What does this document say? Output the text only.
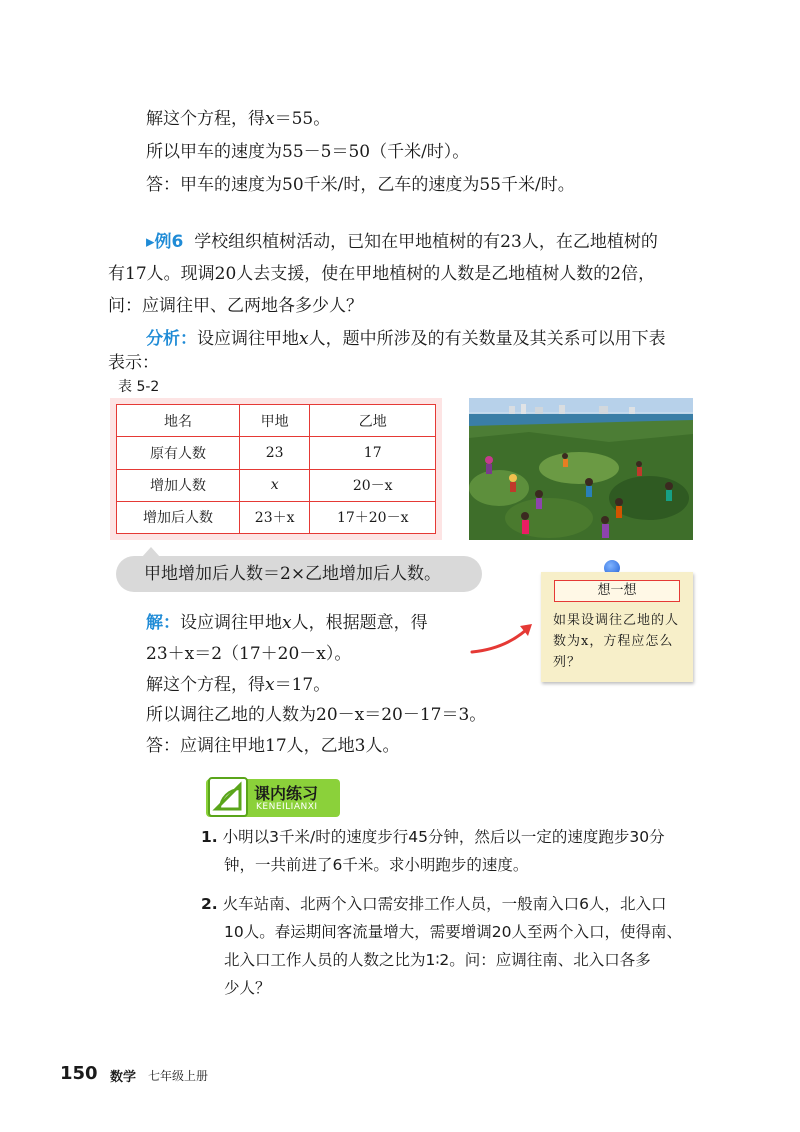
解这个方程，得x＝55。
所以甲车的速度为55－5＝50（千米/时）。
答：甲车的速度为50千米/时，乙车的速度为55千米/时。
▸例6 学校组织植树活动，已知在甲地植树的有23人，在乙地植树的
有17人。现调20人去支援，使在甲地植树的人数是乙地植树人数的2倍，
问：应调往甲、乙两地各多少人？
分析：设应调往甲地x人，题中所涉及的有关数量及其关系可以用下表
表示：
表 5-2
地名	甲地	乙地
原有人数	23	17
增加人数	x	20－x
增加后人数	23＋x	17＋20－x
甲地增加后人数＝2×乙地增加后人数。
想一想
如果设调往乙地的人数为x，方程应怎么列？
解：设应调往甲地x人，根据题意，得
23＋x＝2（17＋20－x）。
解这个方程，得x＝17。
所以调往乙地的人数为20－x＝20－17＝3。
答：应调往甲地17人，乙地3人。
课内练习
KENEILIANXI
1. 小明以3千米/时的速度步行45分钟，然后以一定的速度跑步30分
钟，一共前进了6千米。求小明跑步的速度。
2. 火车站南、北两个入口需安排工作人员，一般南入口6人，北入口
10人。春运期间客流量增大，需要增调20人至两个入口，使得南、
北入口工作人员的人数之比为1∶2。问：应调往南、北入口各多
少人？
150 数学 七年级上册
